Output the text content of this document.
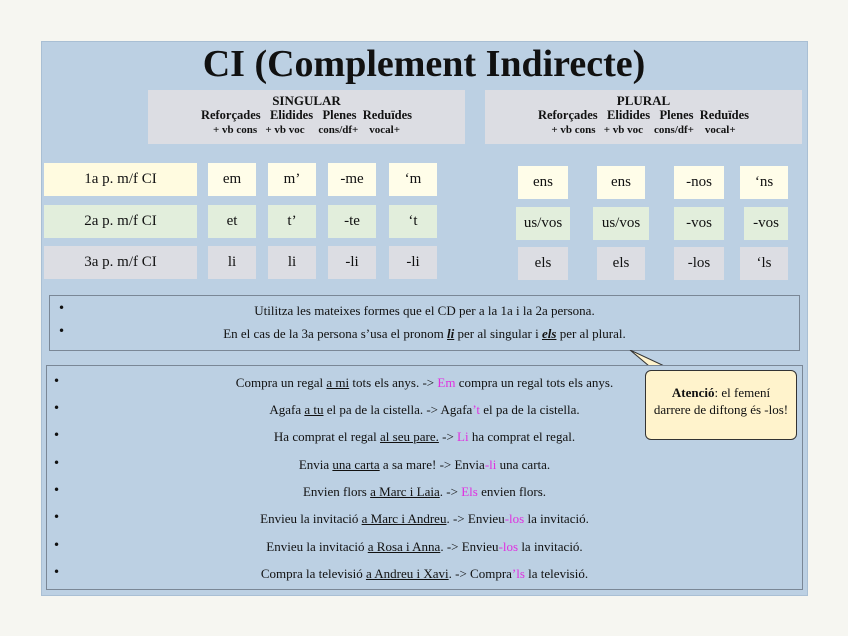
CI (Complement Indirecte)
SINGULAR
Reforçades   Elidides   Plenes  Reduïdes
+ vb cons   + vb voc     cons/df+    vocal+
PLURAL
Reforçades   Elidides   Plenes  Reduïdes
+ vb cons   + vb voc    cons/df+    vocal+
1a p. m/f CI	em	m’	-me	‘m	ens	ens	-nos	‘ns
2a p. m/f CI	et	t’	-te	‘t	us/vos	us/vos	-vos	-vos
3a p. m/f CI	li	li	-li	-li	els	els	-los	‘ls
•	Utilitza les mateixes formes que el CD per a la 1a i la 2a persona.
•	En el cas de la 3a persona s’usa el pronom li per al singular i els per al plural.
•	Compra un regal a mi tots els anys. -> Em compra un regal tots els anys.
•	Agafa a tu el pa de la cistella. -> Agafa’t el pa de la cistella.
•	Ha comprat el regal al seu pare. -> Li ha comprat el regal.
•	Envia una carta a sa mare! -> Envia-li una carta.
•	Envien flors a Marc i Laia. -> Els envien flors.
•	Envieu la invitació a Marc i Andreu. -> Envieu-los la invitació.
•	Envieu la invitació a Rosa i Anna. -> Envieu-los la invitació.
•	Compra la televisió a Andreu i Xavi. -> Compra’ls la televisió.
Atenció: el femení
darrere de diftong és -los!
